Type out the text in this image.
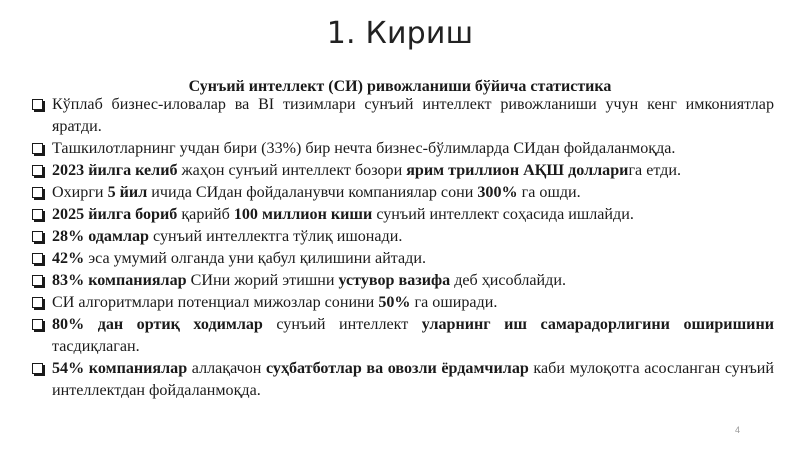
1. Кириш
Сунъий интеллект (СИ) ривожланиши бўйича статистика
Кўплаб бизнес-иловалар ва BI тизимлари сунъий интеллект ривожланиши учун кенг имкониятлар яратди.
Ташкилотларнинг учдан бири (33%) бир нечта бизнес-бўлимларда СИдан фойдаланмоқда.
2023 йилга келиб жаҳон сунъий интеллект бозори ярим триллион АҚШ долларига етди.
Охирги 5 йил ичида СИдан фойдаланувчи компаниялар сони 300% га ошди.
2025 йилга бориб қарийб 100 миллион киши сунъий интеллект соҳасида ишлайди.
28% одамлар сунъий интеллектга тўлиқ ишонади.
42% эса умумий олганда уни қабул қилишини айтади.
83% компаниялар СИни жорий этишни устувор вазифа деб ҳисоблайди.
СИ алгоритмлари потенциал мижозлар сонини 50% га оширади.
80% дан ортиқ ходимлар сунъий интеллект уларнинг иш самарадорлигини оширишини тасдиқлаган.
54% компаниялар аллақачон суҳбатботлар ва овозли ёрдамчилар каби мулоқотга асосланган сунъий интеллектдан фойдаланмоқда.
4
